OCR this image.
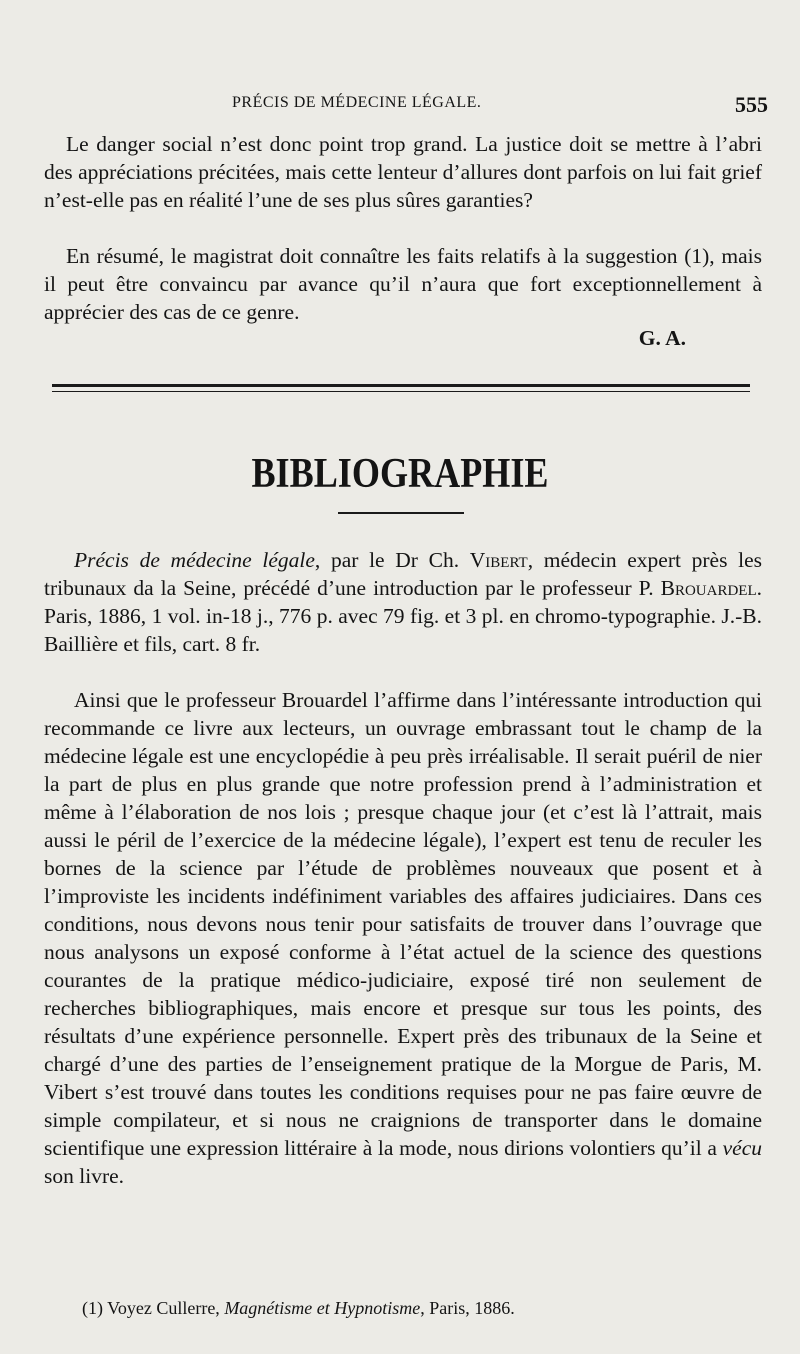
PRÉCIS DE MÉDECINE LÉGALE.	555
Le danger social n’est donc point trop grand. La justice doit se mettre à l’abri des appréciations précitées, mais cette lenteur d’allures dont parfois on lui fait grief n’est-elle pas en réalité l’une de ses plus sûres garanties?
En résumé, le magistrat doit connaître les faits relatifs à la suggestion (1), mais il peut être convaincu par avance qu’il n’aura que fort exceptionnellement à apprécier des cas de ce genre.
G. A.
BIBLIOGRAPHIE
Précis de médecine légale, par le Dr Ch. Vibert, médecin expert près les tribunaux da la Seine, précédé d’une introduction par le professeur P. Brouardel. Paris, 1886, 1 vol. in-18 j., 776 p. avec 79 fig. et 3 pl. en chromo-typographie. J.-B. Baillière et fils, cart. 8 fr.
Ainsi que le professeur Brouardel l’affirme dans l’intéressante introduction qui recommande ce livre aux lecteurs, un ouvrage embrassant tout le champ de la médecine légale est une encyclopédie à peu près irréalisable. Il serait puéril de nier la part de plus en plus grande que notre profession prend à l’administration et même à l’élaboration de nos lois ; presque chaque jour (et c’est là l’attrait, mais aussi le péril de l’exercice de la médecine légale), l’expert est tenu de reculer les bornes de la science par l’étude de problèmes nouveaux que posent et à l’improviste les incidents indéfiniment variables des affaires judiciaires. Dans ces conditions, nous devons nous tenir pour satisfaits de trouver dans l’ouvrage que nous analysons un exposé conforme à l’état actuel de la science des questions courantes de la pratique médico-judiciaire, exposé tiré non seulement de recherches bibliographiques, mais encore et presque sur tous les points, des résultats d’une expérience personnelle. Expert près des tribunaux de la Seine et chargé d’une des parties de l’enseignement pratique de la Morgue de Paris, M. Vibert s’est trouvé dans toutes les conditions requises pour ne pas faire œuvre de simple compilateur, et si nous ne craignions de transporter dans le domaine scientifique une expression littéraire à la mode, nous dirions volontiers qu’il a vécu son livre.
(1) Voyez Cullerre, Magnétisme et Hypnotisme, Paris, 1886.
